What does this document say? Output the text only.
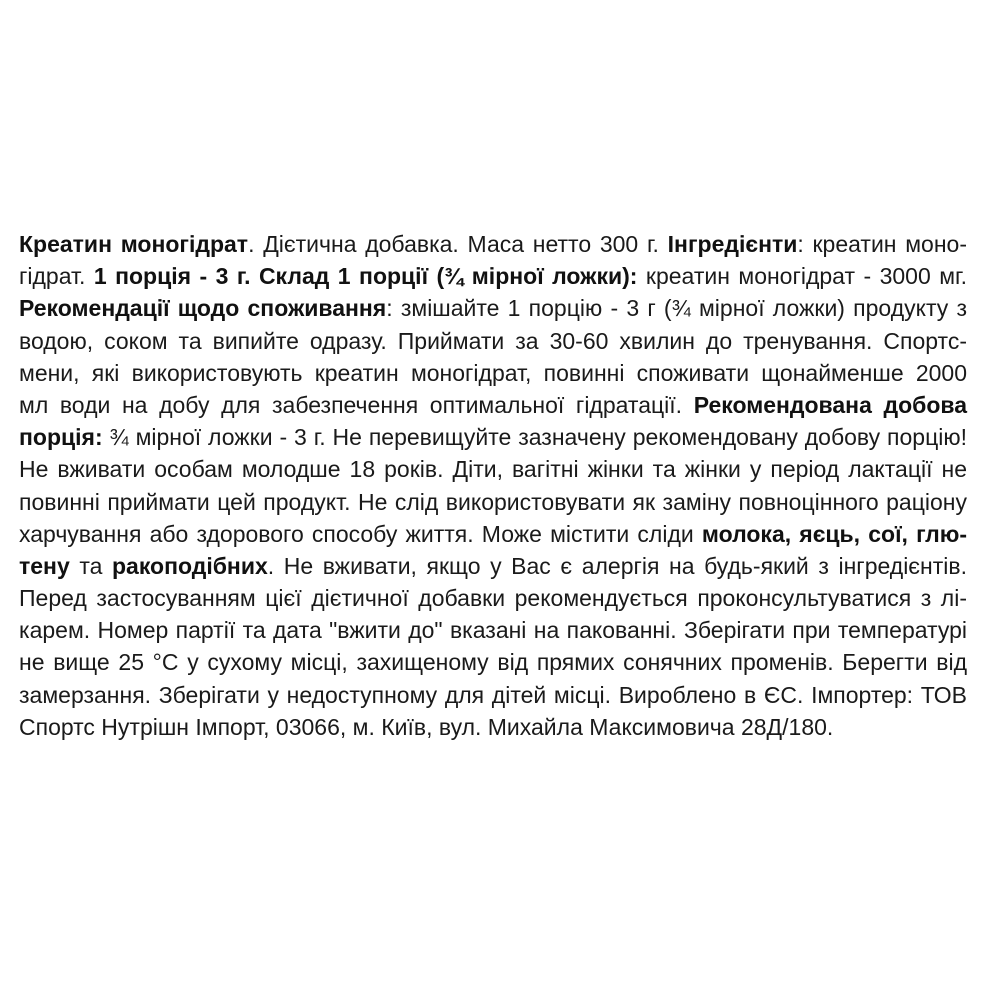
Креатин моногідрат. Дієтична добавка. Маса нетто 300 г. Інгредієнти: креатин моно-
гідрат. 1 порція - 3 г. Склад 1 порції (¾ мірної ложки): креатин моногідрат - 3000 мг.
Рекомендації щодо споживання: змішайте 1 порцію - 3 г (¾ мірної ложки) продукту з
водою, соком та випийте одразу. Приймати за 30-60 хвилин до тренування. Спортс-
мени, які використовують креатин моногідрат, повинні споживати щонайменше 2000
мл води на добу для забезпечення оптимальної гідратації. Рекомендована добова
порція: ¾ мірної ложки - 3 г. Не перевищуйте зазначену рекомендовану добову порцію!
Не вживати особам молодше 18 років. Діти, вагітні жінки та жінки у період лактації не
повинні приймати цей продукт. Не слід використовувати як заміну повноцінного раціону
харчування або здорового способу життя. Може містити сліди молока, яєць, сої, глю-
тену та ракоподібних. Не вживати, якщо у Вас є алергія на будь-який з інгредієнтів.
Перед застосуванням цієї дієтичної добавки рекомендується проконсультуватися з лі-
карем. Номер партії та дата "вжити до" вказані на пакованні. Зберігати при температурі
не вище 25 °С у сухому місці, захищеному від прямих сонячних променів. Берегти від
замерзання. Зберігати у недоступному для дітей місці. Вироблено в ЄС. Імпортер: ТОВ
Спортс Нутрішн Імпорт, 03066, м. Київ, вул. Михайла Максимовича 28Д/180.
